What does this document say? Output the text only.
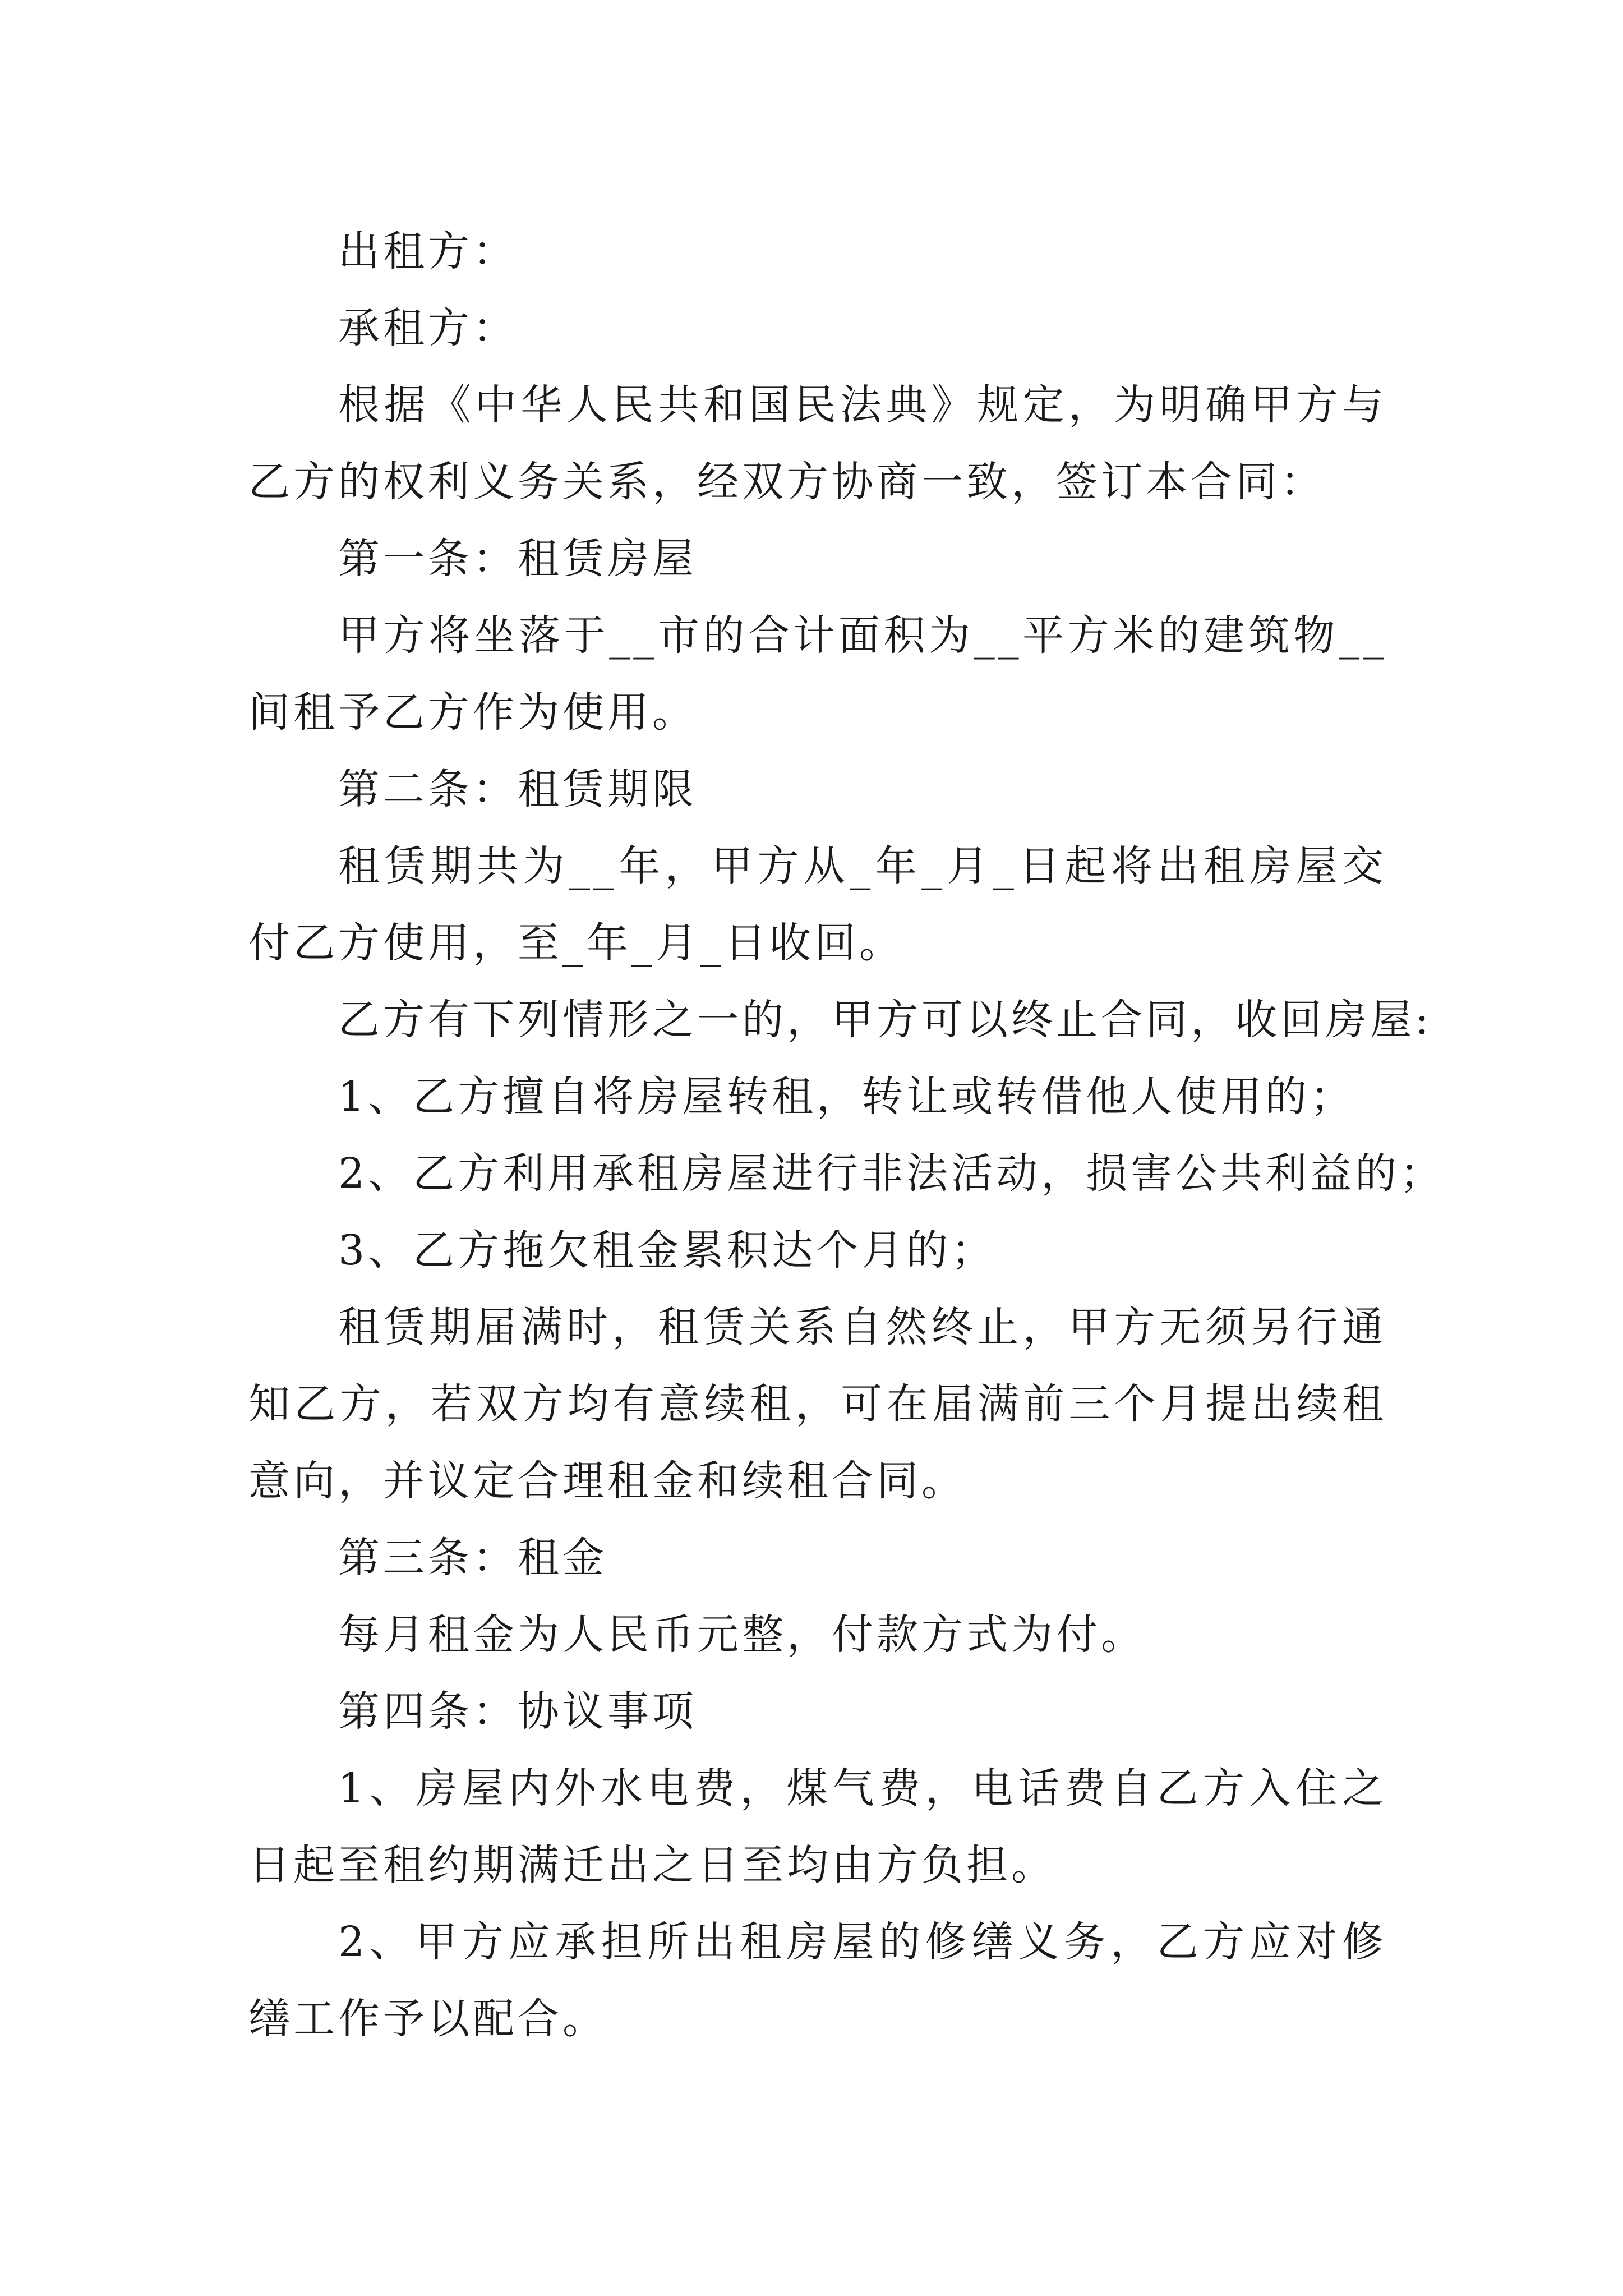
出租方：

承租方：

根据《中华人民共和国民法典》规定，为明确甲方与乙方的权利义务关系，经双方协商一致，签订本合同：

第一条：租赁房屋

甲方将坐落于__市的合计面积为__平方米的建筑物__间租予乙方作为使用。

第二条：租赁期限

租赁期共为__年，甲方从_年_月_日起将出租房屋交付乙方使用，至_年_月_日收回。

乙方有下列情形之一的，甲方可以终止合同，收回房屋:

1、乙方擅自将房屋转租，转让或转借他人使用的；

2、乙方利用承租房屋进行非法活动，损害公共利益的；

3、乙方拖欠租金累积达个月的；

租赁期届满时，租赁关系自然终止，甲方无须另行通知乙方，若双方均有意续租，可在届满前三个月提出续租意向，并议定合理租金和续租合同。

第三条：租金

每月租金为人民币元整，付款方式为付。

第四条：协议事项

1、房屋内外水电费，煤气费，电话费自乙方入住之日起至租约期满迁出之日至均由方负担。

2、甲方应承担所出租房屋的修缮义务，乙方应对修缮工作予以配合。
